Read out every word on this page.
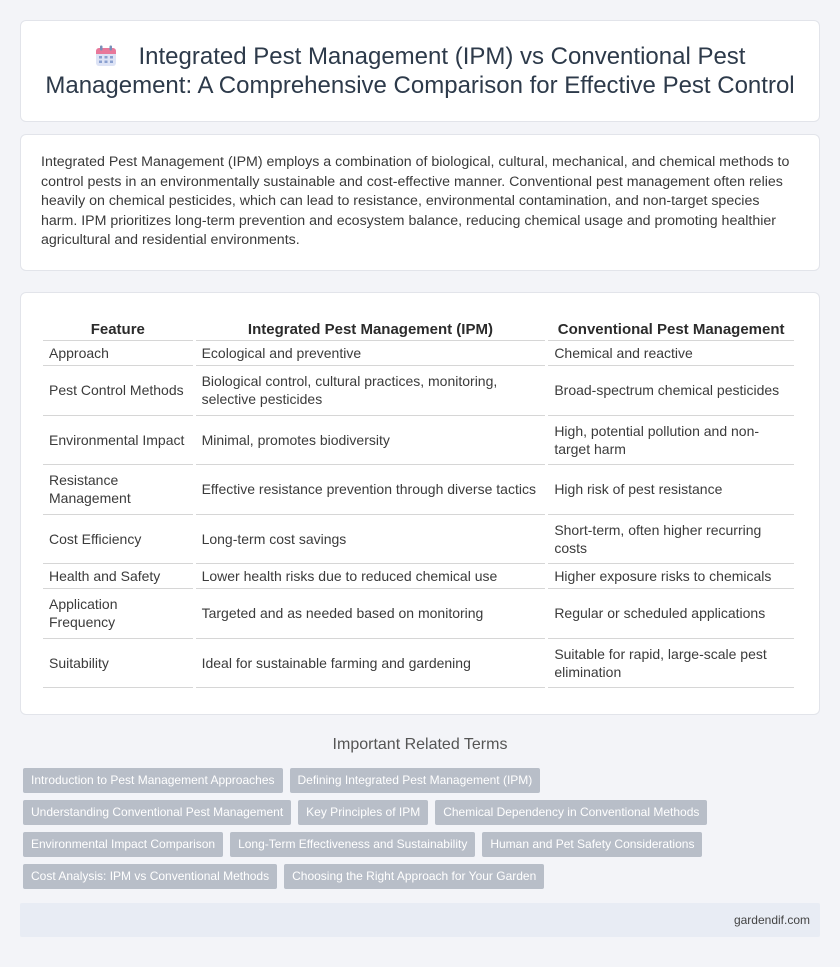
Integrated Pest Management (IPM) vs Conventional Pest Management: A Comprehensive Comparison for Effective Pest Control

Integrated Pest Management (IPM) employs a combination of biological, cultural, mechanical, and chemical methods to control pests in an environmentally sustainable and cost-effective manner. Conventional pest management often relies heavily on chemical pesticides, which can lead to resistance, environmental contamination, and non-target species harm. IPM prioritizes long-term prevention and ecosystem balance, reducing chemical usage and promoting healthier agricultural and residential environments.

Feature	Integrated Pest Management (IPM)	Conventional Pest Management
Approach	Ecological and preventive	Chemical and reactive
Pest Control Methods	Biological control, cultural practices, monitoring, selective pesticides	Broad-spectrum chemical pesticides
Environmental Impact	Minimal, promotes biodiversity	High, potential pollution and non-target harm
Resistance Management	Effective resistance prevention through diverse tactics	High risk of pest resistance
Cost Efficiency	Long-term cost savings	Short-term, often higher recurring costs
Health and Safety	Lower health risks due to reduced chemical use	Higher exposure risks to chemicals
Application Frequency	Targeted and as needed based on monitoring	Regular or scheduled applications
Suitability	Ideal for sustainable farming and gardening	Suitable for rapid, large-scale pest elimination
Important Related Terms
Introduction to Pest Management Approaches	Defining Integrated Pest Management (IPM)
Understanding Conventional Pest Management	Key Principles of IPM	Chemical Dependency in Conventional Methods
Environmental Impact Comparison	Long-Term Effectiveness and Sustainability	Human and Pet Safety Considerations
Cost Analysis: IPM vs Conventional Methods	Choosing the Right Approach for Your Garden
gardendif.com
